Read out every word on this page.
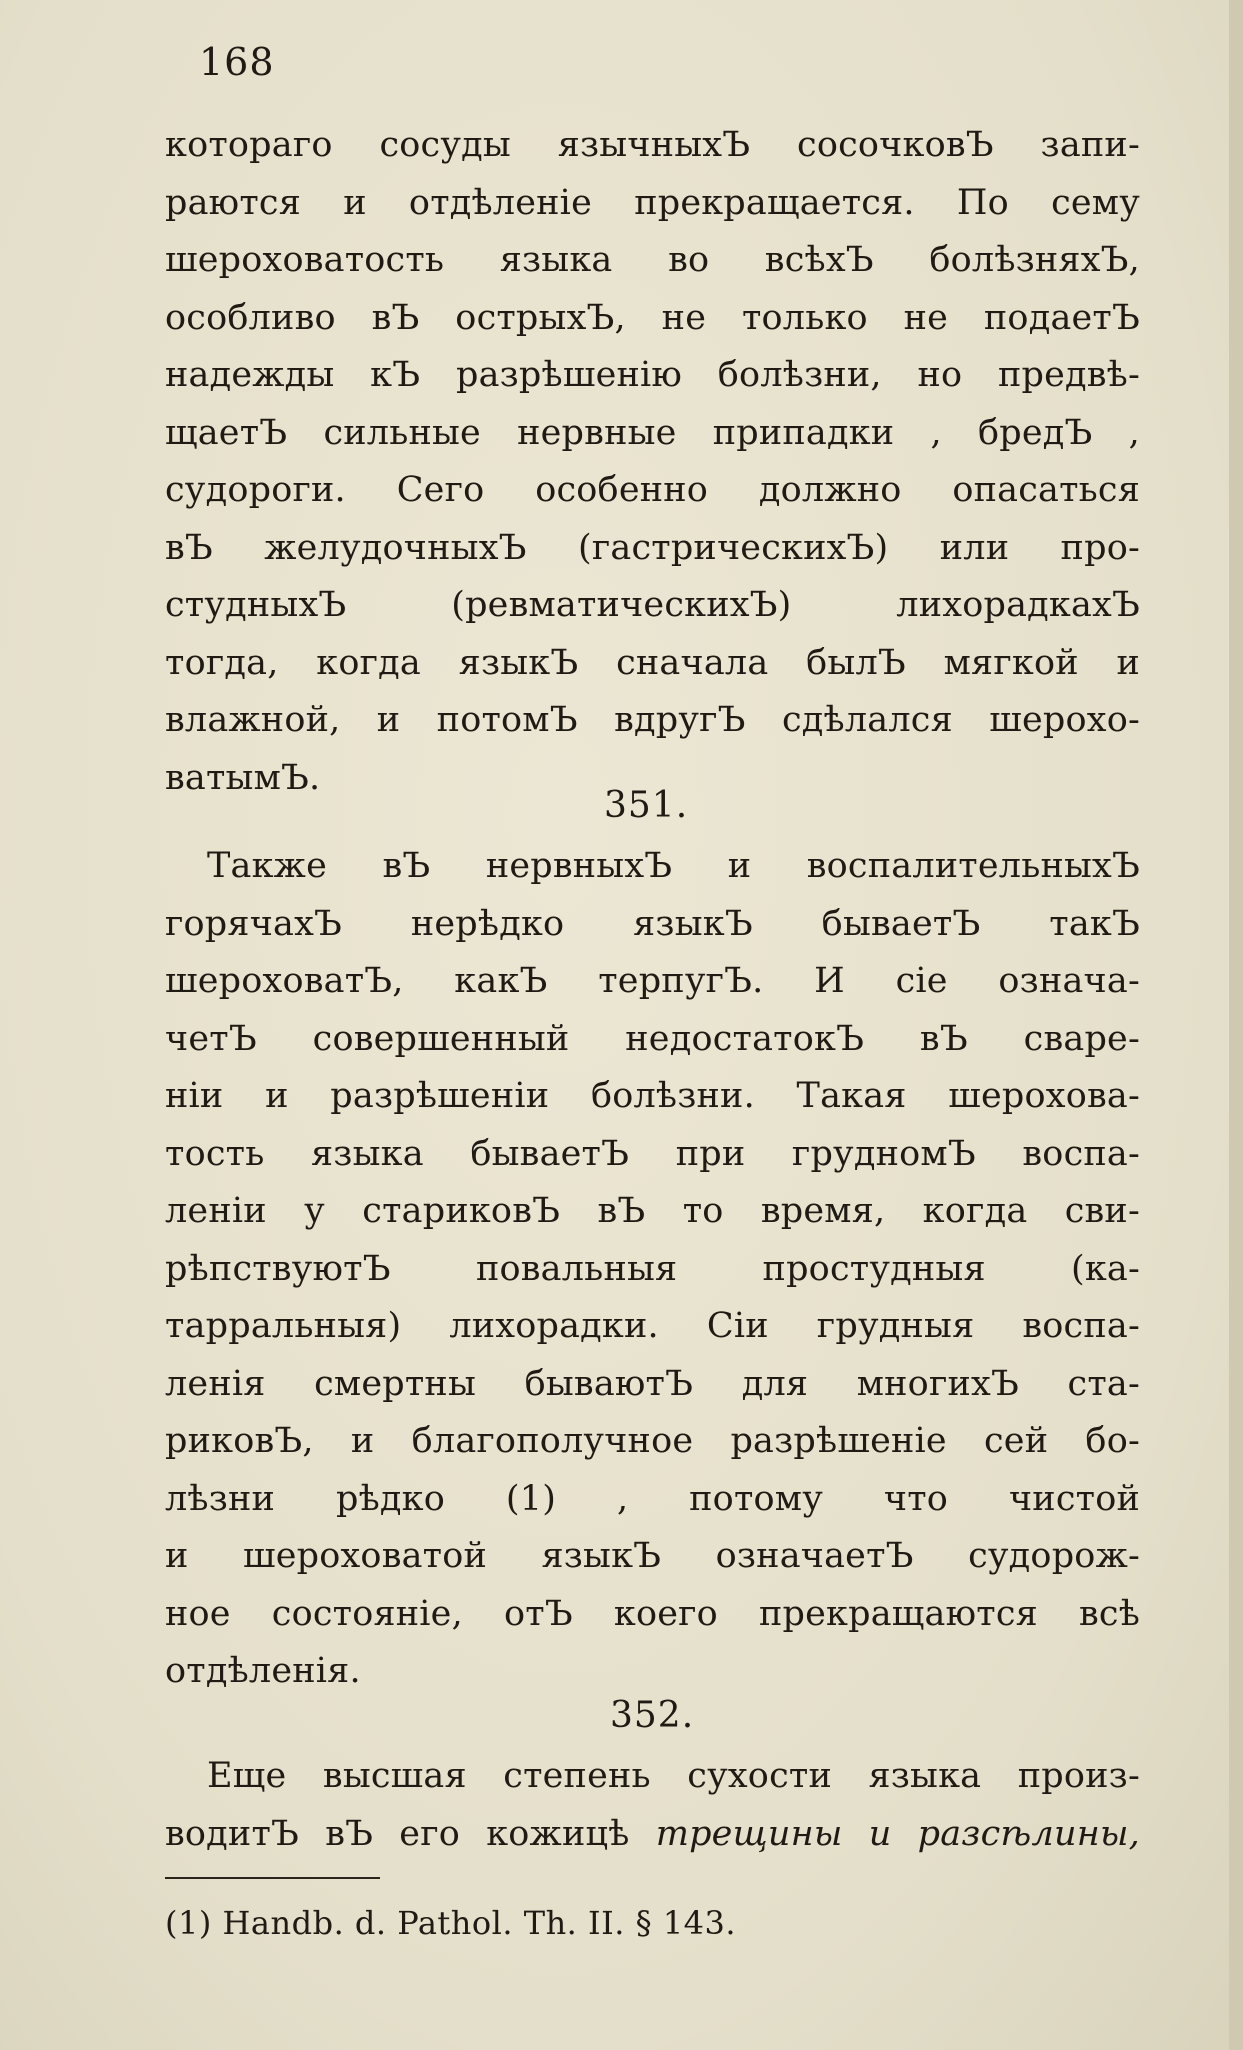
168
котораго сосуды язычныхЪ сосочковЪ запи-
раются и отдѣленіе прекращается. По сему
шероховатость языка во всѣхЪ болѣзняхЪ,
особливо вЪ острыхЪ, не только не подаетЪ
надежды кЪ разрѣшенію болѣзни, но предвѣ-
щаетЪ сильные нервные припадки , бредЪ ,
судороги. Сего особенно должно опасаться
вЪ желудочныхЪ (гастрическихЪ) или про-
студныхЪ (ревматическихЪ) лихорадкахЪ
тогда, когда языкЪ сначала былЪ мягкой и
влажной, и потомЪ вдругЪ сдѣлался шерохо-
ватымЪ.
351.
Также вЪ нервныхЪ и воспалительныхЪ
горячахЪ нерѣдко языкЪ бываетЪ такЪ
шероховатЪ, какЪ терпугЪ. И сіе означа-
четЪ совершенный недостатокЪ вЪ сваре-
ніи и разрѣшеніи болѣзни. Такая шерохова-
тость языка бываетЪ при грудномЪ воспа-
леніи у стариковЪ вЪ то время, когда сви-
рѣпствуютЪ повальныя простудныя (ка-
тарральныя) лихорадки. Сіи грудныя воспа-
ленія смертны бываютЪ для многихЪ ста-
риковЪ, и благополучное разрѣшеніе сей бо-
лѣзни рѣдко (1) , потому что чистой
и шероховатой языкЪ означаетЪ судорож-
ное состояніе, отЪ коего прекращаются всѣ
отдѣленія.
352.
Еще высшая степень сухости языка произ-
водитЪ вЪ его кожицѣ трещины и разсѣлины,
(1) Handb. d. Pathol. Th. II. § 143.
